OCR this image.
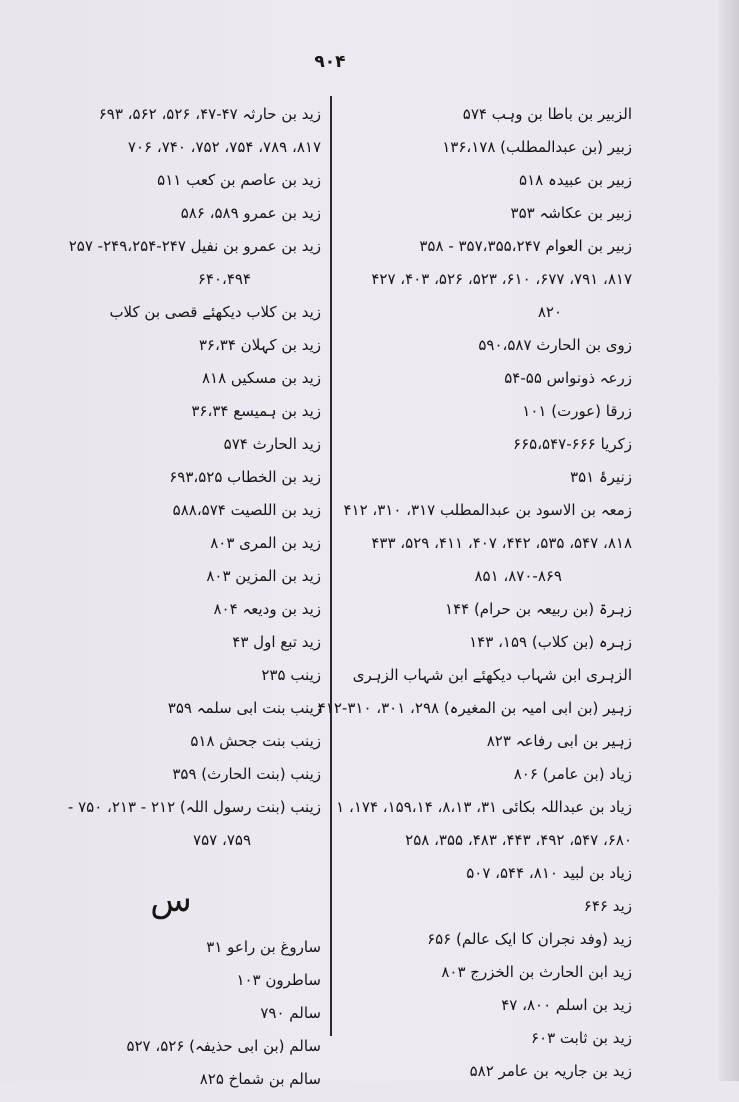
۹۰۴
الزبیر بن باطا بن وہب ۵۷۴
زبیر (بن عبدالمطلب) ۱۳۶،۱۷۸
زبیر بن عبیدہ ۵۱۸
زبیر بن عکاشہ ۳۵۳
زبیر بن العوام ۳۵۷،۳۵۵،۲۴۷ - ۳۵۸
۸۱۷، ۷۹۱، ۶۷۷، ۶۱۰، ۵۲۳، ۵۲۶، ۴۰۳، ۴۲۷
۸۲۰
زوی بن الحارث ۵۹۰،۵۸۷
زرعہ ذونواس ۵۵-۵۴
زرقا (عورت) ۱۰۱
زکریا ۶۶۶-۶۶۵،۵۴۷
زنیرۂ ۳۵۱
زمعہ بن الاسود بن عبدالمطلب ۳۱۷، ۳۱۰، ۴۱۲
۸۱۸، ۵۴۷، ۵۳۵، ۴۴۲، ۴۰۷، ۴۱۱، ۵۲۹، ۴۳۳
۸۷۰-۸۶۹، ۸۵۱
زہرۃ (بن ربیعہ بن حرام) ۱۴۴
زہرہ (بن کلاب) ۱۵۹، ۱۴۳
الزہری ابن شہاب دیکھئے ابن شہاب الزہری
زہیر (بن ابی امیہ بن المغیرہ) ۲۹۸، ۳۰۱، ۳۱۰-۴۱۲
زہیر بن ابی رفاعہ ۸۲۳
زیاد (بن عامر) ۸۰۶
زیاد بن عبداللہ بکائی ۳۱، ۸،۱۳، ۱۵۹،۱۴، ۱۷۴، ۱
۶۸۰، ۵۴۷، ۴۹۲، ۴۴۳، ۴۸۳، ۳۵۵، ۲۵۸
زیاد بن لبید ۸۱۰، ۵۴۴، ۵۰۷
زید ۶۴۶
زید (وفد نجران کا ایک عالم) ۶۵۶
زید ابن الحارث بن الخزرج ۸۰۳
زید بن اسلم ۸۰۰، ۴۷
زید بن ثابت ۶۰۳
زید بن جاریہ بن عامر ۵۸۲
زید بن حارثہ ۴۷-۴۷، ۵۲۶، ۵۶۲، ۶۹۳
۸۱۷، ۷۸۹، ۷۵۴، ۷۵۲، ۷۴۰، ۷۰۶
زید بن عاصم بن کعب ۵۱۱
زید بن عمرو ۵۸۹، ۵۸۶
زید بن عمرو بن نفیل ۲۴۷-۲۴۹،۲۵۴- ۲۵۷
۶۴۰،۴۹۴
زید بن کلاب دیکھئے قصی بن کلاب
زید بن کہلان ۳۶،۳۴
زید بن مسکیں ۸۱۸
زید بن ہمیسع ۳۶،۳۴
زید الحارث ۵۷۴
زید بن الخطاب ۶۹۳،۵۲۵
زید بن اللصیت ۵۸۸،۵۷۴
زید بن المری ۸۰۳
زید بن المزین ۸۰۳
زید بن ودیعہ ۸۰۴
زید تبع اول ۴۳
زینب ۲۳۵
زینب بنت ابی سلمہ ۳۵۹
زینب بنت جحش ۵۱۸
زینب (بنت الحارث) ۳۵۹
زینب (بنت رسول اللہ) ۲۱۲ - ۲۱۳، ۷۵۰ -
۷۵۹، ۷۵۷
س
ساروغ بن راعو ۳۱
ساطرون ۱۰۳
سالم ۷۹۰
سالم (بن ابی حذیفہ) ۵۲۶، ۵۲۷
سالم بن شماخ ۸۲۵
